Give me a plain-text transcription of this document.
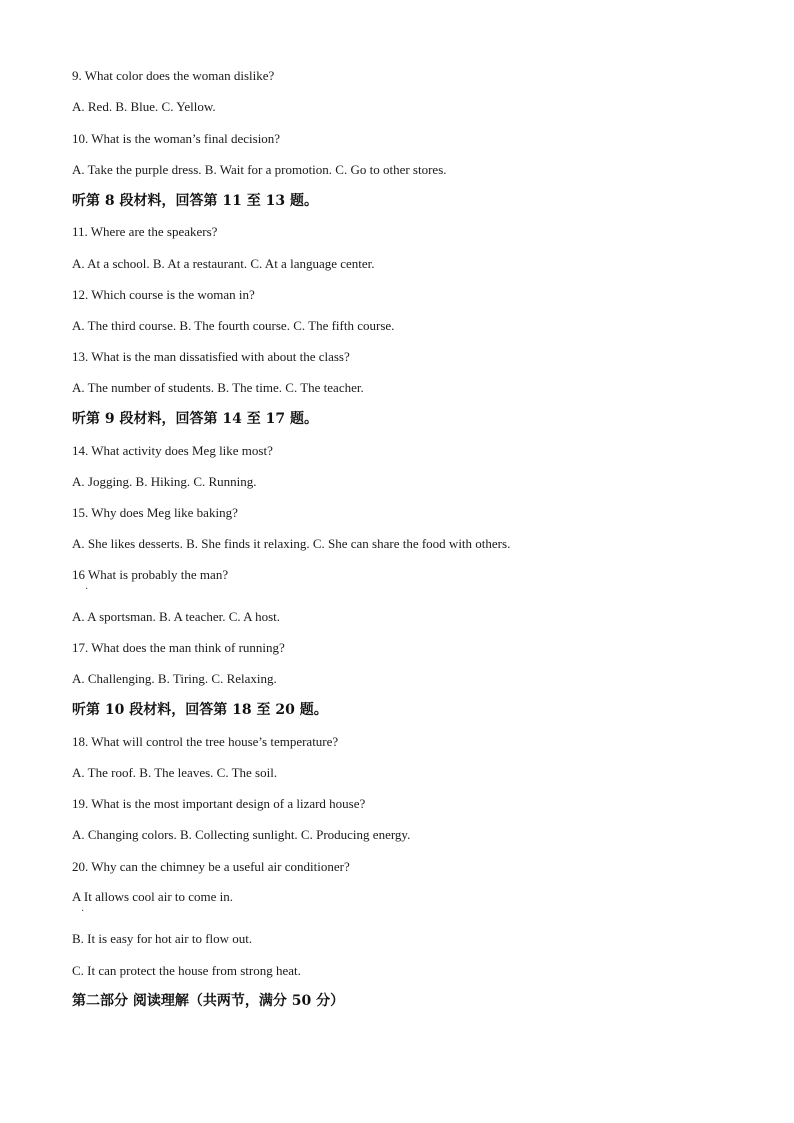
9. What color does the woman dislike?
A. Red. B. Blue. C. Yellow.
10. What is the woman’s final decision?
A. Take the purple dress. B. Wait for a promotion. C. Go to other stores.
听第 8 段材料，回答第 11 至 13 题。
11. Where are the speakers?
A. At a school. B. At a restaurant. C. At a language center.
12. Which course is the woman in?
A. The third course. B. The fourth course. C. The fifth course.
13. What is the man dissatisfied with about the class?
A. The number of students. B. The time. C. The teacher.
听第 9 段材料，回答第 14 至 17 题。
14. What activity does Meg like most?
A. Jogging. B. Hiking. C. Running.
15. Why does Meg like baking?
A. She likes desserts. B. She finds it relaxing. C. She can share the food with others.
16 What is probably the man?
·
A. A sportsman. B. A teacher. C. A host.
17. What does the man think of running?
A. Challenging. B. Tiring. C. Relaxing.
听第 10 段材料，回答第 18 至 20 题。
18. What will control the tree house’s temperature?
A. The roof. B. The leaves. C. The soil.
19. What is the most important design of a lizard house?
A. Changing colors. B. Collecting sunlight. C. Producing energy.
20. Why can the chimney be a useful air conditioner?
A It allows cool air to come in.
·
B. It is easy for hot air to flow out.
C. It can protect the house from strong heat.
第二部分 阅读理解（共两节，满分 50 分）
